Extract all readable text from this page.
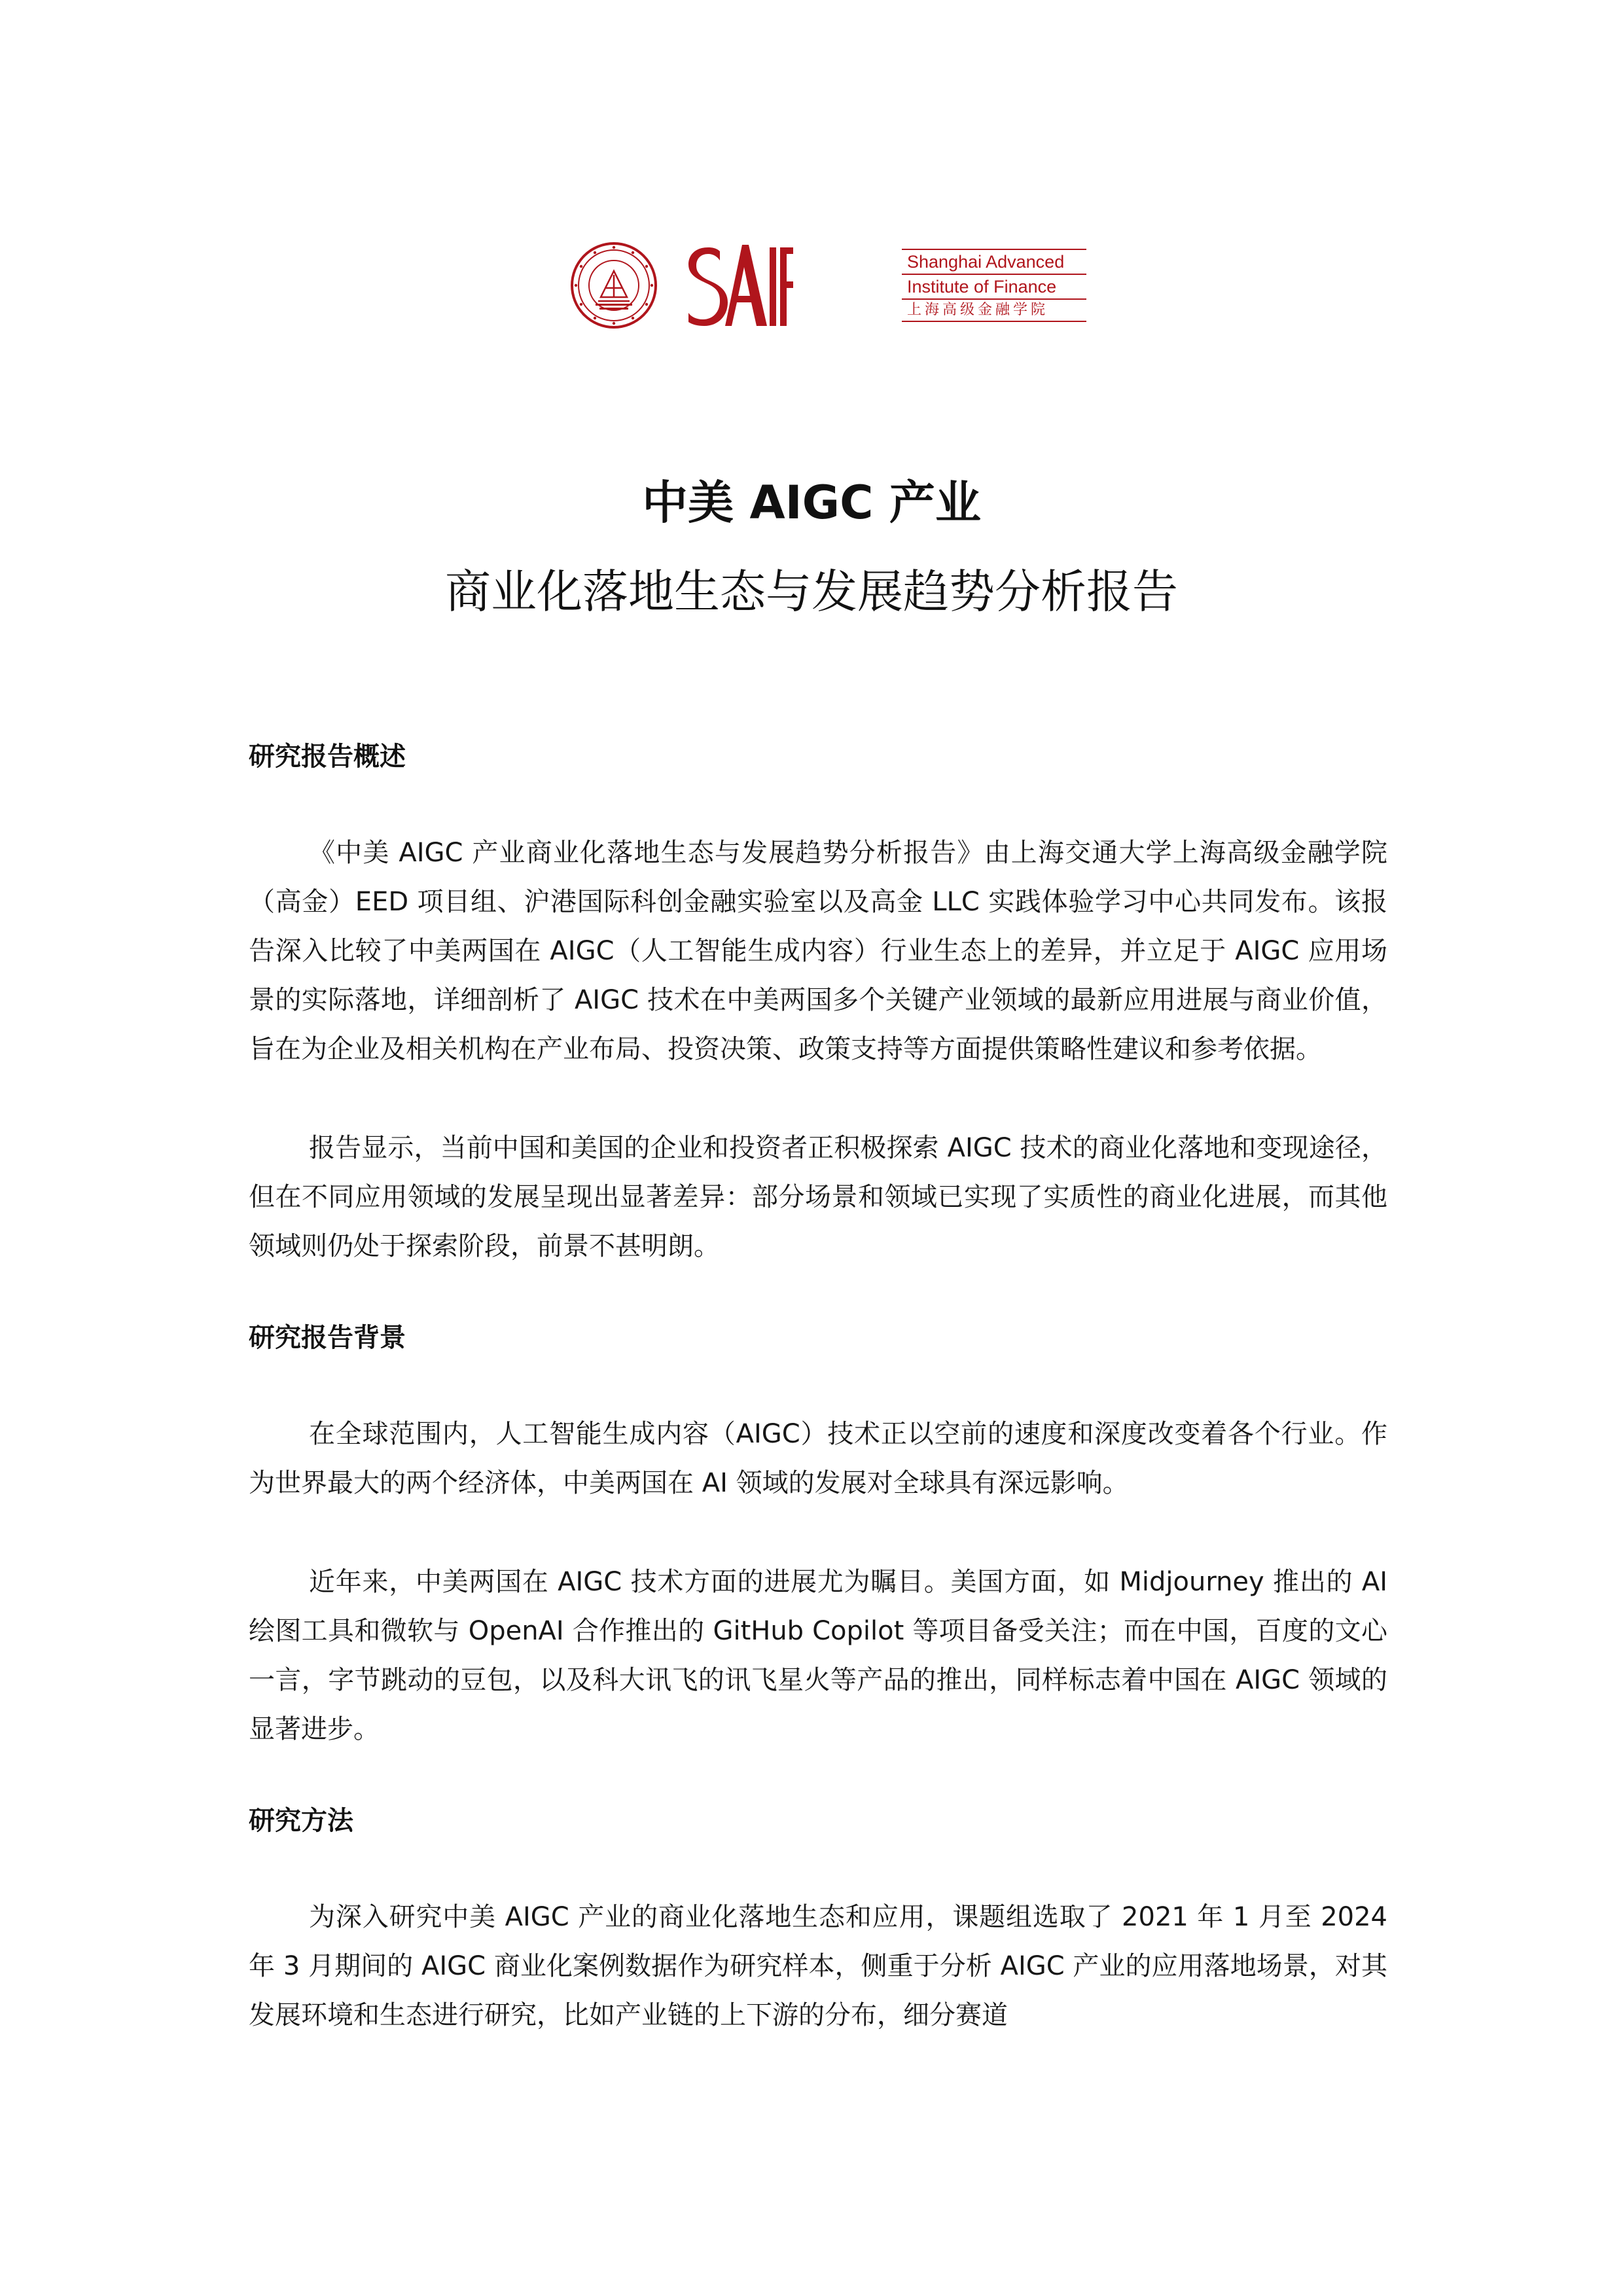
Shanghai Advanced
Institute of Finance
上海高级金融学院
中美 AIGC 产业
商业化落地生态与发展趋势分析报告
研究报告概述

《中美 AIGC 产业商业化落地生态与发展趋势分析报告》由上海交通大学上海高级金融学院（高金）EED 项目组、沪港国际科创金融实验室以及高金 LLC 实践体验学习中心共同发布。该报告深入比较了中美两国在 AIGC（人工智能生成内容）行业生态上的差异，并立足于 AIGC 应用场景的实际落地，详细剖析了 AIGC 技术在中美两国多个关键产业领域的最新应用进展与商业价值，旨在为企业及相关机构在产业布局、投资决策、政策支持等方面提供策略性建议和参考依据。

报告显示，当前中国和美国的企业和投资者正积极探索 AIGC 技术的商业化落地和变现途径，但在不同应用领域的发展呈现出显著差异：部分场景和领域已实现了实质性的商业化进展，而其他领域则仍处于探索阶段，前景不甚明朗。

研究报告背景

在全球范围内，人工智能生成内容（AIGC）技术正以空前的速度和深度改变着各个行业。作为世界最大的两个经济体，中美两国在 AI 领域的发展对全球具有深远影响。

近年来，中美两国在 AIGC 技术方面的进展尤为瞩目。美国方面，如 Midjourney 推出的 AI 绘图工具和微软与 OpenAI 合作推出的 GitHub Copilot 等项目备受关注；而在中国，百度的文心一言，字节跳动的豆包，以及科大讯飞的讯飞星火等产品的推出，同样标志着中国在 AIGC 领域的显著进步。

研究方法

为深入研究中美 AIGC 产业的商业化落地生态和应用，课题组选取了 2021 年 1 月至 2024 年 3 月期间的 AIGC 商业化案例数据作为研究样本，侧重于分析 AIGC 产业的应用落地场景，对其发展环境和生态进行研究，比如产业链的上下游的分布，细分赛道
